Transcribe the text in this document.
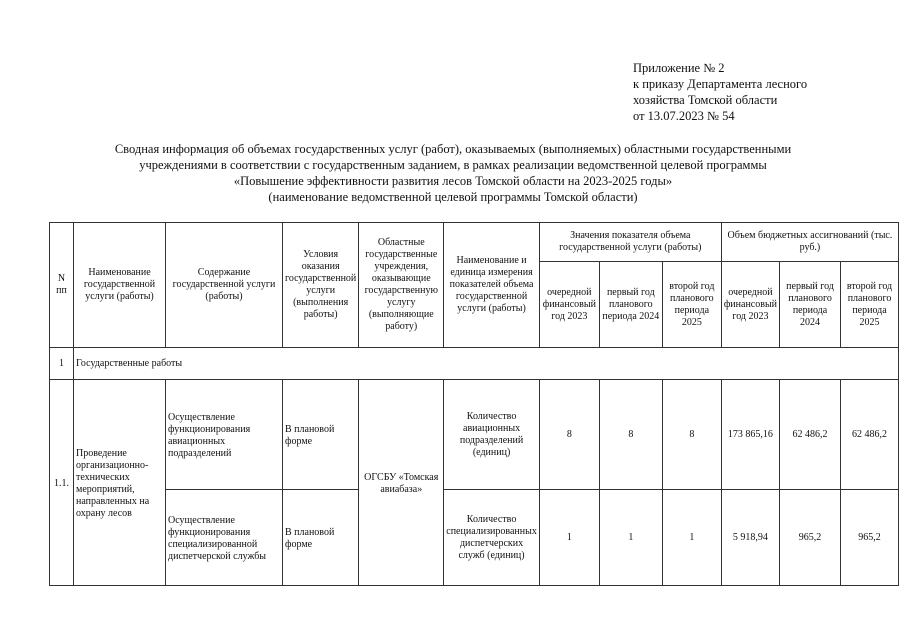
Приложение № 2
к приказу Департамента лесного
хозяйства Томской области
от 13.07.2023 № 54
Сводная информация об объемах государственных услуг (работ), оказываемых (выполняемых) областными государственными
учреждениями в соответствии с государственным заданием, в рамках реализации ведомственной целевой программы
«Повышение эффективности развития лесов Томской области на 2023-2025 годы»
(наименование ведомственной целевой программы Томской области)
N пп	Наименование государственной услуги (работы)	Содержание государственной услуги (работы)	Условия оказания государственной услуги (выполнения работы)	Областные государственные учреждения, оказывающие государственную услугу (выполняющие работу)	Наименование и единица измерения показателей объема государственной услуги (работы)	Значения показателя объема государственной услуги (работы)			Объем бюджетных ассигнований (тыс. руб.)		
						очередной финансовый год 2023	первый год планового периода 2024	второй год планового периода 2025	очередной финансовый год 2023	первый год планового периода 2024	второй год планового периода 2025
1	Государственные работы										
1.1.	Проведение организационно-технических мероприятий, направленных на охрану лесов	Осуществление функционирования авиационных подразделений	В плановой форме	ОГСБУ «Томская авиабаза»	Количество авиационных подразделений (единиц)	8	8	8	173 865,16	62 486,2	62 486,2
		Осуществление функционирования специализированной диспетчерской службы	В плановой форме		Количество специализированных диспетчерских служб (единиц)	1	1	1	5 918,94	965,2	965,2
